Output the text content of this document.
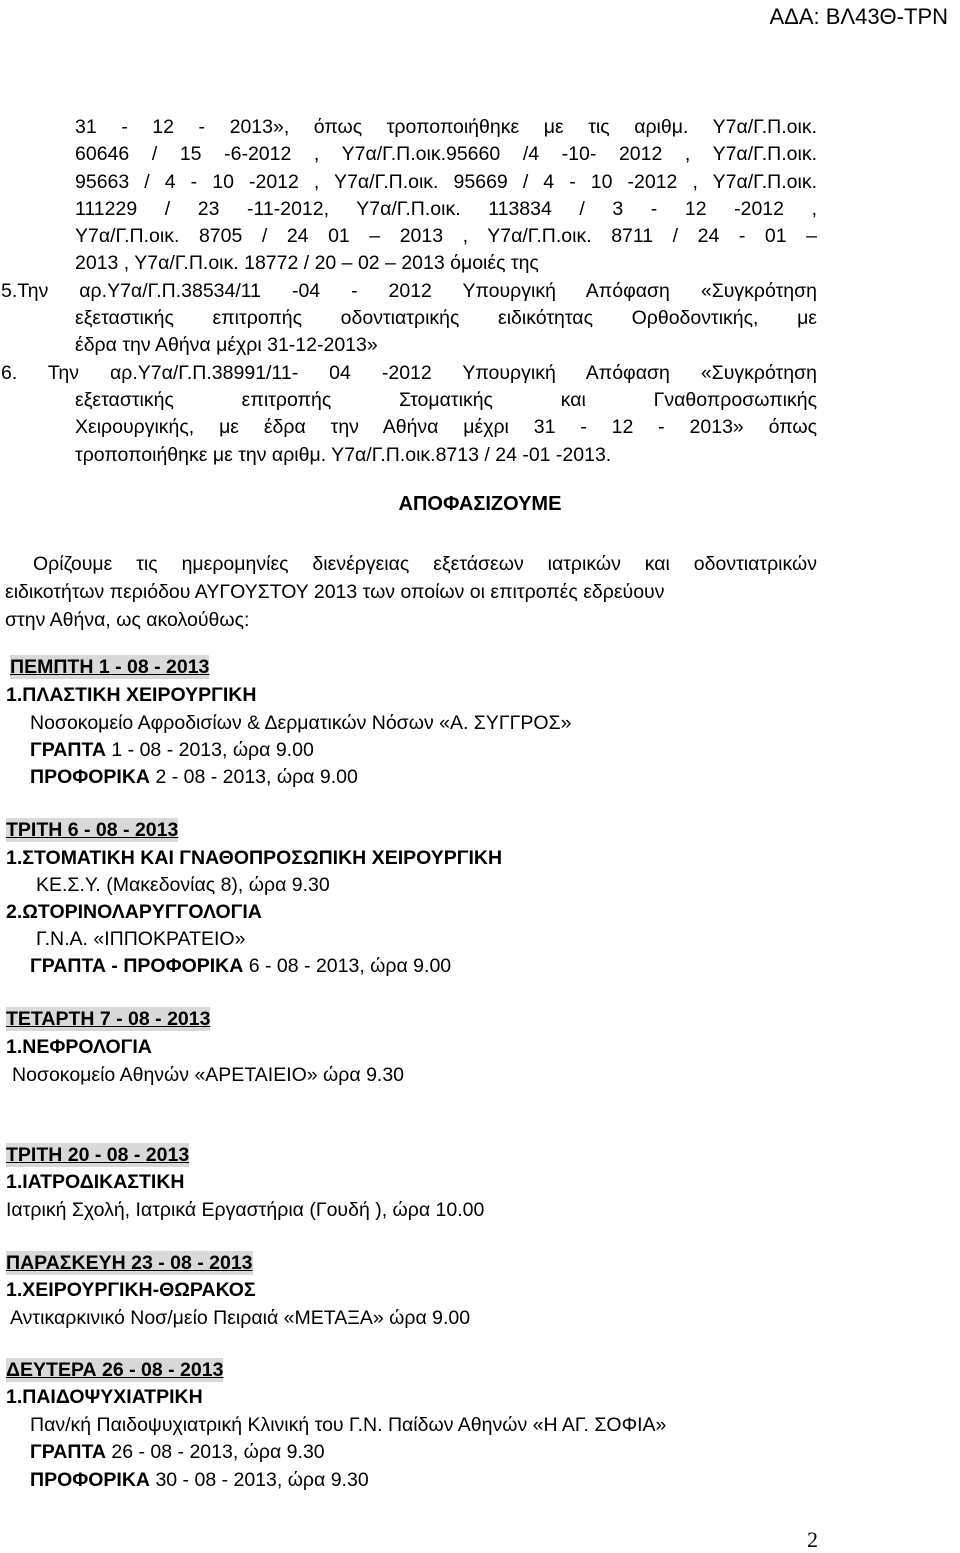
ΑΔΑ: ΒΛ43Θ-ΤΡΝ
31 - 12 - 2013», όπως τροποποιήθηκε με τις αριθμ. Υ7α/Γ.Π.οικ.
60646 / 15 -6-2012 , Υ7α/Γ.Π.οικ.95660 /4 -10- 2012 , Υ7α/Γ.Π.οικ.
95663 / 4 - 10 -2012 , Υ7α/Γ.Π.οικ. 95669 / 4 - 10 -2012 , Υ7α/Γ.Π.οικ.
111229 / 23 -11-2012, Υ7α/Γ.Π.οικ. 113834 / 3 - 12 -2012 ,
Υ7α/Γ.Π.οικ. 8705 / 24 01 – 2013 , Υ7α/Γ.Π.οικ. 8711 / 24 - 01 –
2013 , Υ7α/Γ.Π.οικ. 18772 / 20 – 02 – 2013 όμοιές της
5.Την αρ.Υ7α/Γ.Π.38534/11 -04 - 2012 Υπουργική Απόφαση «Συγκρότηση
εξεταστικής επιτροπής οδοντιατρικής ειδικότητας Ορθοδοντικής, με
έδρα την Αθήνα μέχρι 31-12-2013»
6. Την αρ.Υ7α/Γ.Π.38991/11- 04 -2012 Υπουργική Απόφαση «Συγκρότηση
εξεταστικής επιτροπής Στοματικής και Γναθοπροσωπικής
Χειρουργικής, με έδρα την Αθήνα μέχρι 31 - 12 - 2013» όπως
τροποποιήθηκε με την αριθμ. Υ7α/Γ.Π.οικ.8713 / 24 -01 -2013.
ΑΠΟΦΑΣΙΖΟΥΜΕ
Ορίζουμε τις ημερομηνίες διενέργειας εξετάσεων ιατρικών και οδοντιατρικών
ειδικοτήτων περιόδου ΑΥΓΟΥΣΤΟΥ 2013 των οποίων οι επιτροπές εδρεύουν
στην Αθήνα, ως ακολούθως:
ΠΕΜΠΤΗ 1 - 08 - 2013
1.ΠΛΑΣΤΙΚΗ ΧΕΙΡΟΥΡΓΙΚΗ
Νοσοκομείο Αφροδισίων & Δερματικών Νόσων «Α. ΣΥΓΓΡΟΣ»
ΓΡΑΠΤΑ 1 - 08 - 2013, ώρα 9.00
ΠΡΟΦΟΡΙΚΑ 2 - 08 - 2013, ώρα 9.00
ΤΡΙΤΗ 6 - 08 - 2013
1.ΣΤΟΜΑΤΙΚΗ ΚΑΙ ΓΝΑΘΟΠΡΟΣΩΠΙΚΗ ΧΕΙΡΟΥΡΓΙΚΗ
ΚΕ.Σ.Υ. (Μακεδονίας 8), ώρα 9.30
2.ΩΤΟΡΙΝΟΛΑΡΥΓΓΟΛΟΓΙΑ
Γ.Ν.Α. «ΙΠΠΟΚΡΑΤΕΙΟ»
ΓΡΑΠΤΑ - ΠΡΟΦΟΡΙΚΑ 6 - 08 - 2013, ώρα 9.00
ΤΕΤΑΡΤΗ 7 - 08 - 2013
1.ΝΕΦΡΟΛΟΓΙΑ
Νοσοκομείο Αθηνών «ΑΡΕΤΑΙΕΙΟ» ώρα 9.30
ΤΡΙΤΗ 20 - 08 - 2013
1.ΙΑΤΡΟΔΙΚΑΣΤΙΚΗ
Ιατρική Σχολή, Ιατρικά Εργαστήρια (Γουδή ), ώρα 10.00
ΠΑΡΑΣΚΕΥΗ 23 - 08 - 2013
1.ΧΕΙΡΟΥΡΓΙΚΗ-ΘΩΡΑΚΟΣ
Αντικαρκινικό Νοσ/μείο Πειραιά «ΜΕΤΑΞΑ» ώρα 9.00
ΔΕΥΤΕΡΑ 26 - 08 - 2013
1.ΠΑΙΔΟΨΥΧΙΑΤΡΙΚΗ
Παν/κή Παιδοψυχιατρική Κλινική του Γ.Ν. Παίδων Αθηνών «Η ΑΓ. ΣΟΦΙΑ»
ΓΡΑΠΤΑ 26 - 08 - 2013, ώρα 9.30
ΠΡΟΦΟΡΙΚΑ 30 - 08 - 2013, ώρα 9.30
2
